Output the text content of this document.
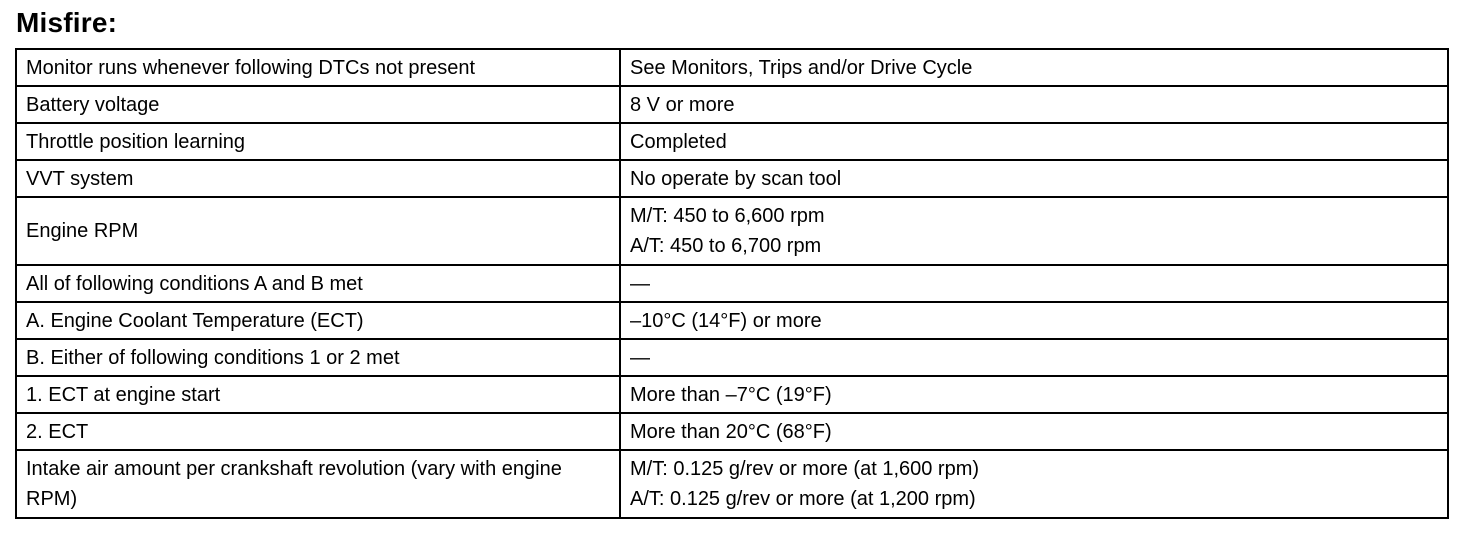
Misfire:
Monitor runs whenever following DTCs not present	See Monitors, Trips and/or Drive Cycle

Battery voltage	8 V or more

Throttle position learning	Completed

VVT system	No operate by scan tool

Engine RPM	M/T: 450 to 6,600 rpm
A/T: 450 to 6,700 rpm

All of following conditions A and B met	—

A. Engine Coolant Temperature (ECT)	–10°C (14°F) or more

B. Either of following conditions 1 or 2 met	—

1. ECT at engine start	More than –7°C (19°F)

2. ECT	More than 20°C (68°F)

Intake air amount per crankshaft revolution (vary with engine RPM)	M/T: 0.125 g/rev or more (at 1,600 rpm)
A/T: 0.125 g/rev or more (at 1,200 rpm)
